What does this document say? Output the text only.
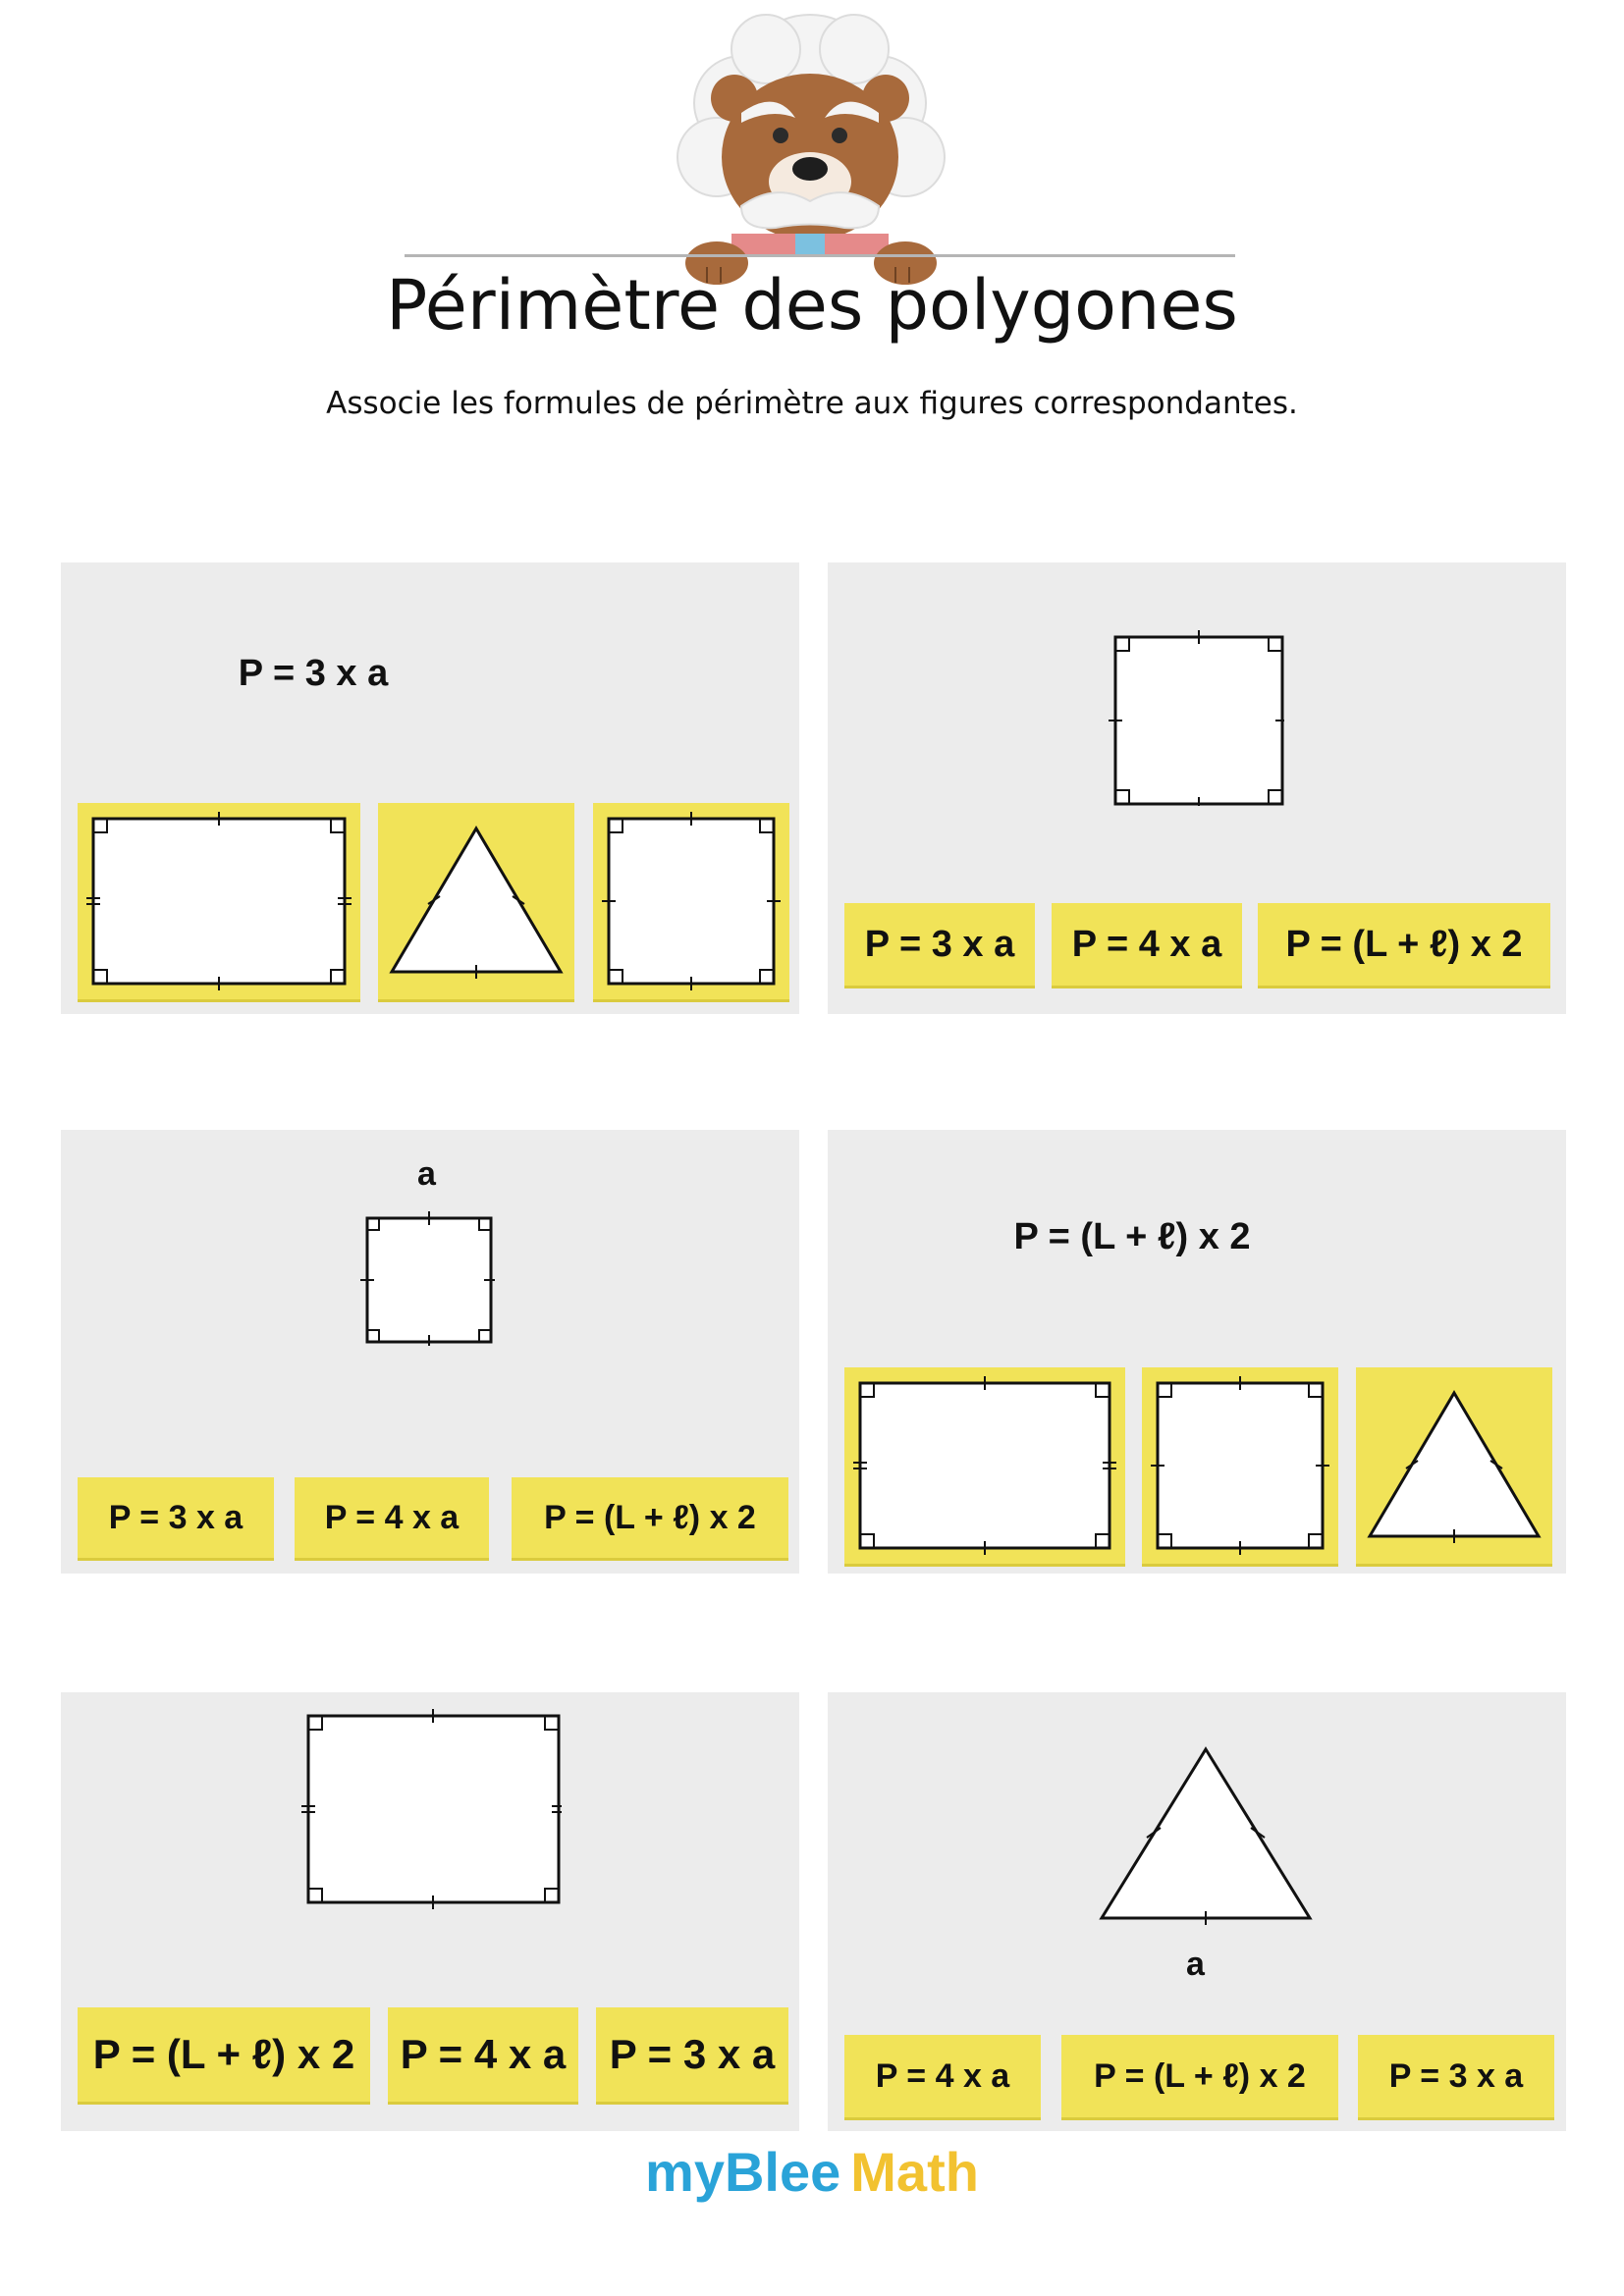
Périmètre des polygones
Associe les formules de périmètre aux figures correspondantes.
P = 3 x a
P = 3 x a	P = 4 x a	P = (L + ℓ) x 2
a
P = 3 x a	P = 4 x a	P = (L + ℓ) x 2
P = (L + ℓ) x 2
P = (L + ℓ) x 2	P = 4 x a	P = 3 x a
a
P = 4 x a	P = (L + ℓ) x 2	P = 3 x a
myBlee Math
